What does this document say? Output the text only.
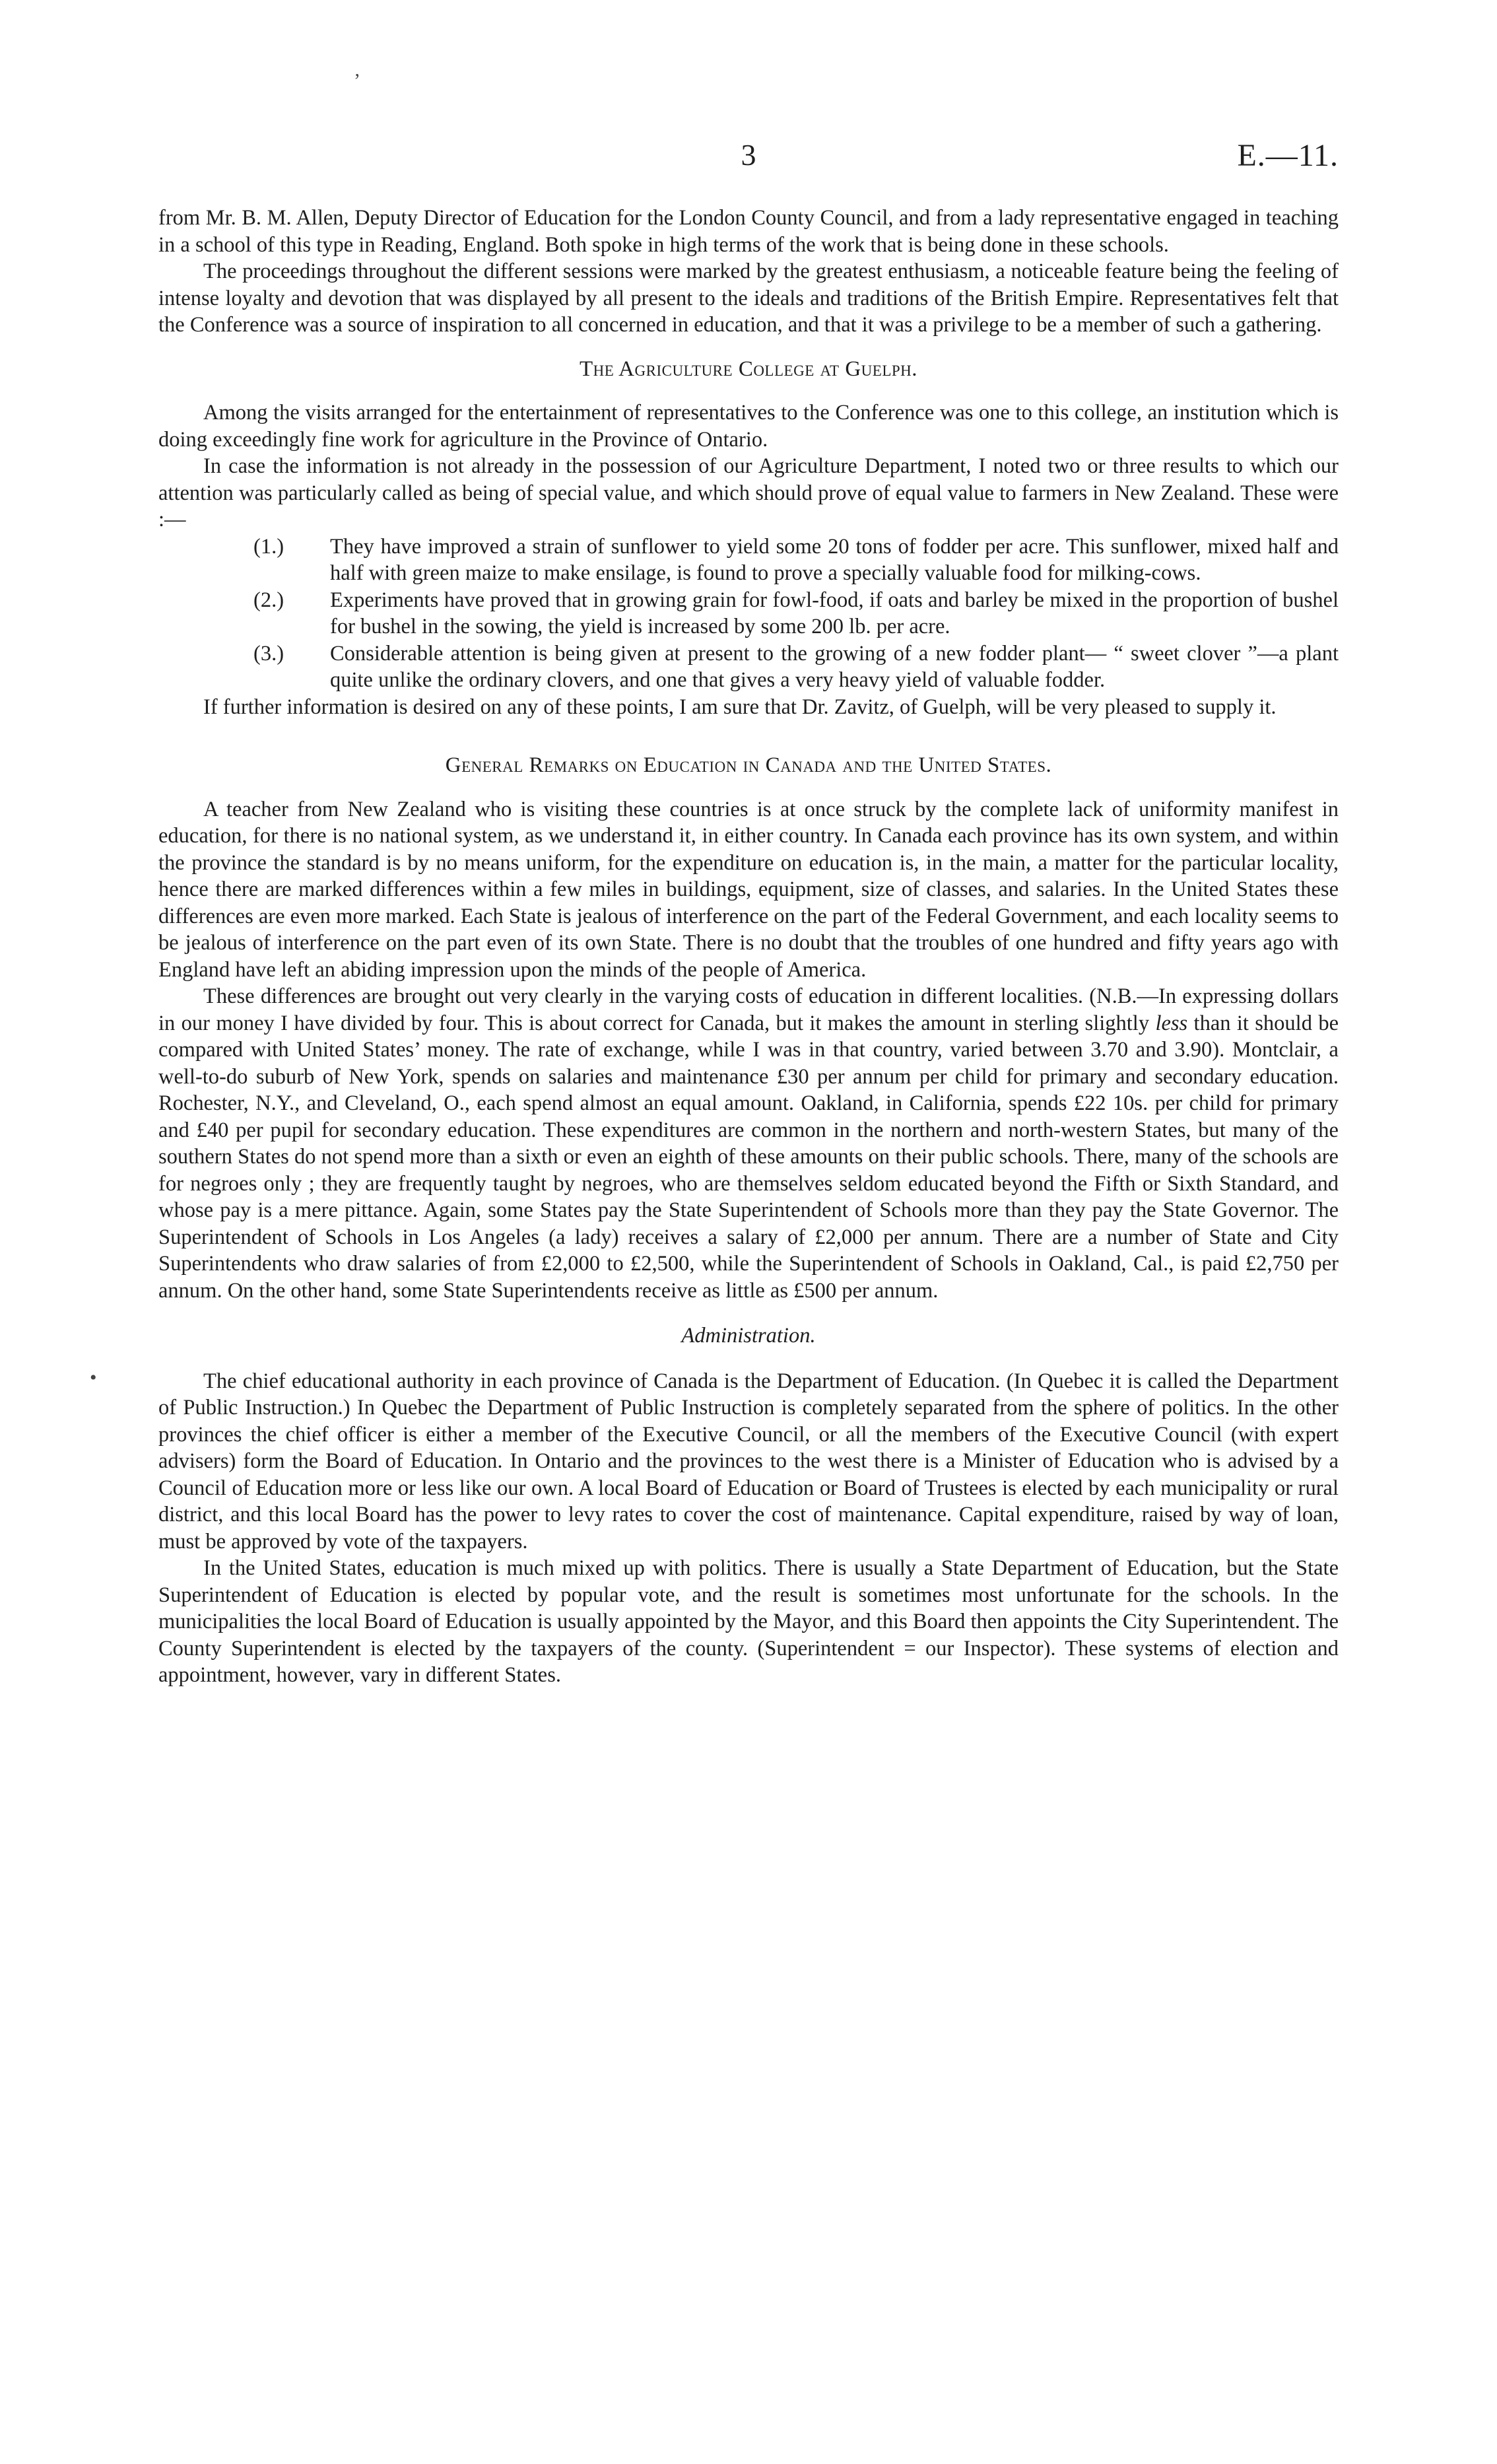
ʼ
•
3	E.—11.

from Mr. B. M. Allen, Deputy Director of Education for the London County Council, and from a lady representative engaged in teaching in a school of this type in Reading, England. Both spoke in high terms of the work that is being done in these schools.

The proceedings throughout the different sessions were marked by the greatest enthusiasm, a noticeable feature being the feeling of intense loyalty and devotion that was displayed by all present to the ideals and traditions of the British Empire. Representatives felt that the Conference was a source of inspiration to all concerned in education, and that it was a privilege to be a member of such a gathering.

The Agriculture College at Guelph.

Among the visits arranged for the entertainment of representatives to the Conference was one to this college, an institution which is doing exceedingly fine work for agriculture in the Province of Ontario.

In case the information is not already in the possession of our Agriculture Department, I noted two or three results to which our attention was particularly called as being of special value, and which should prove of equal value to farmers in New Zealand. These were :—

(1.) They have improved a strain of sunflower to yield some 20 tons of fodder per acre. This sunflower, mixed half and half with green maize to make ensilage, is found to prove a specially valuable food for milking-cows.
(2.) Experiments have proved that in growing grain for fowl-food, if oats and barley be mixed in the proportion of bushel for bushel in the sowing, the yield is increased by some 200 lb. per acre.
(3.) Considerable attention is being given at present to the growing of a new fodder plant— “ sweet clover ”—a plant quite unlike the ordinary clovers, and one that gives a very heavy yield of valuable fodder.

If further information is desired on any of these points, I am sure that Dr. Zavitz, of Guelph, will be very pleased to supply it.

General Remarks on Education in Canada and the United States.

A teacher from New Zealand who is visiting these countries is at once struck by the complete lack of uniformity manifest in education, for there is no national system, as we understand it, in either country. In Canada each province has its own system, and within the province the standard is by no means uniform, for the expenditure on education is, in the main, a matter for the particular locality, hence there are marked differences within a few miles in buildings, equipment, size of classes, and salaries. In the United States these differences are even more marked. Each State is jealous of interference on the part of the Federal Government, and each locality seems to be jealous of interference on the part even of its own State. There is no doubt that the troubles of one hundred and fifty years ago with England have left an abiding impression upon the minds of the people of America.

These differences are brought out very clearly in the varying costs of education in different localities. (N.B.—In expressing dollars in our money I have divided by four. This is about correct for Canada, but it makes the amount in sterling slightly less than it should be compared with United States’ money. The rate of exchange, while I was in that country, varied between 3.70 and 3.90). Montclair, a well-to-do suburb of New York, spends on salaries and maintenance £30 per annum per child for primary and secondary education. Rochester, N.Y., and Cleveland, O., each spend almost an equal amount. Oakland, in California, spends £22 10s. per child for primary and £40 per pupil for secondary education. These expenditures are common in the northern and north-western States, but many of the southern States do not spend more than a sixth or even an eighth of these amounts on their public schools. There, many of the schools are for negroes only ; they are frequently taught by negroes, who are themselves seldom educated beyond the Fifth or Sixth Standard, and whose pay is a mere pittance. Again, some States pay the State Superintendent of Schools more than they pay the State Governor. The Superintendent of Schools in Los Angeles (a lady) receives a salary of £2,000 per annum. There are a number of State and City Superintendents who draw salaries of from £2,000 to £2,500, while the Superintendent of Schools in Oakland, Cal., is paid £2,750 per annum. On the other hand, some State Superintendents receive as little as £500 per annum.

Administration.

The chief educational authority in each province of Canada is the Department of Education. (In Quebec it is called the Department of Public Instruction.) In Quebec the Department of Public Instruction is completely separated from the sphere of politics. In the other provinces the chief officer is either a member of the Executive Council, or all the members of the Executive Council (with expert advisers) form the Board of Education. In Ontario and the provinces to the west there is a Minister of Education who is advised by a Council of Education more or less like our own. A local Board of Education or Board of Trustees is elected by each municipality or rural district, and this local Board has the power to levy rates to cover the cost of maintenance. Capital expenditure, raised by way of loan, must be approved by vote of the taxpayers.

In the United States, education is much mixed up with politics. There is usually a State Department of Education, but the State Superintendent of Education is elected by popular vote, and the result is sometimes most unfortunate for the schools. In the municipalities the local Board of Education is usually appointed by the Mayor, and this Board then appoints the City Superintendent. The County Superintendent is elected by the taxpayers of the county. (Superintendent = our Inspector). These systems of election and appointment, however, vary in different States.
